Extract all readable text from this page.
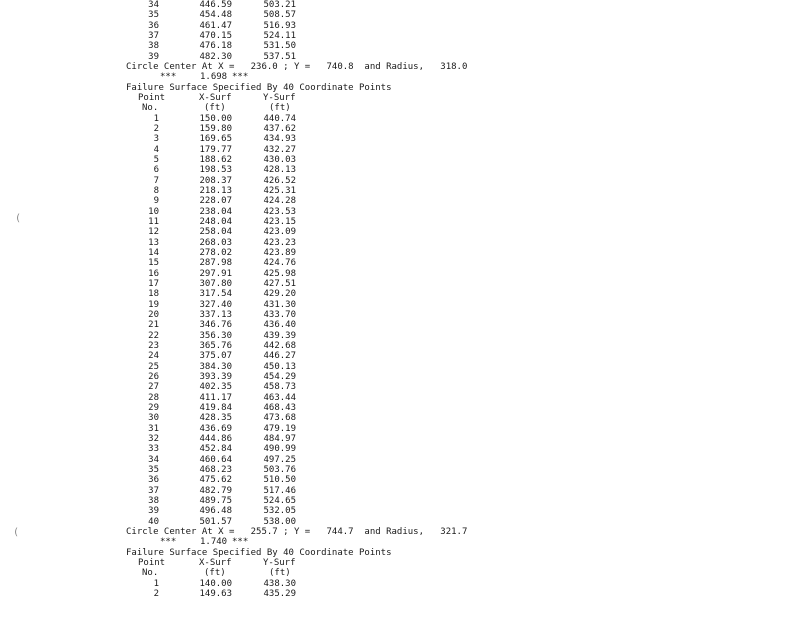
34	446.59	503.21
35	454.48	508.57
36	461.47	516.93
37	470.15	524.11
38	476.18	531.50
39	482.30	537.51
Circle Center At X =   236.0 ; Y =   740.8  and Radius,   318.0
***	1.698 ***
Failure Surface Specified By 40 Coordinate Points
Point	X-Surf	Y-Surf
No.	(ft)	(ft)
1	150.00	440.74
2	159.80	437.62
3	169.65	434.93
4	179.77	432.27
5	188.62	430.03
6	198.53	428.13
7	208.37	426.52
8	218.13	425.31
9	228.07	424.28
10	238.04	423.53
11	248.04	423.15
12	258.04	423.09
13	268.03	423.23
14	278.02	423.89
15	287.98	424.76
16	297.91	425.98
17	307.80	427.51
18	317.54	429.20
19	327.40	431.30
20	337.13	433.70
21	346.76	436.40
22	356.30	439.39
23	365.76	442.68
24	375.07	446.27
25	384.30	450.13
26	393.39	454.29
27	402.35	458.73
28	411.17	463.44
29	419.84	468.43
30	428.35	473.68
31	436.69	479.19
32	444.86	484.97
33	452.84	490.99
34	460.64	497.25
35	468.23	503.76
36	475.62	510.50
37	482.79	517.46
38	489.75	524.65
39	496.48	532.05
40	501.57	538.00
Circle Center At X =   255.7 ; Y =   744.7  and Radius,   321.7
***	1.740 ***
Failure Surface Specified By 40 Coordinate Points
Point	X-Surf	Y-Surf
No.	(ft)	(ft)
1	140.00	438.30
2	149.63	435.29
(
(
